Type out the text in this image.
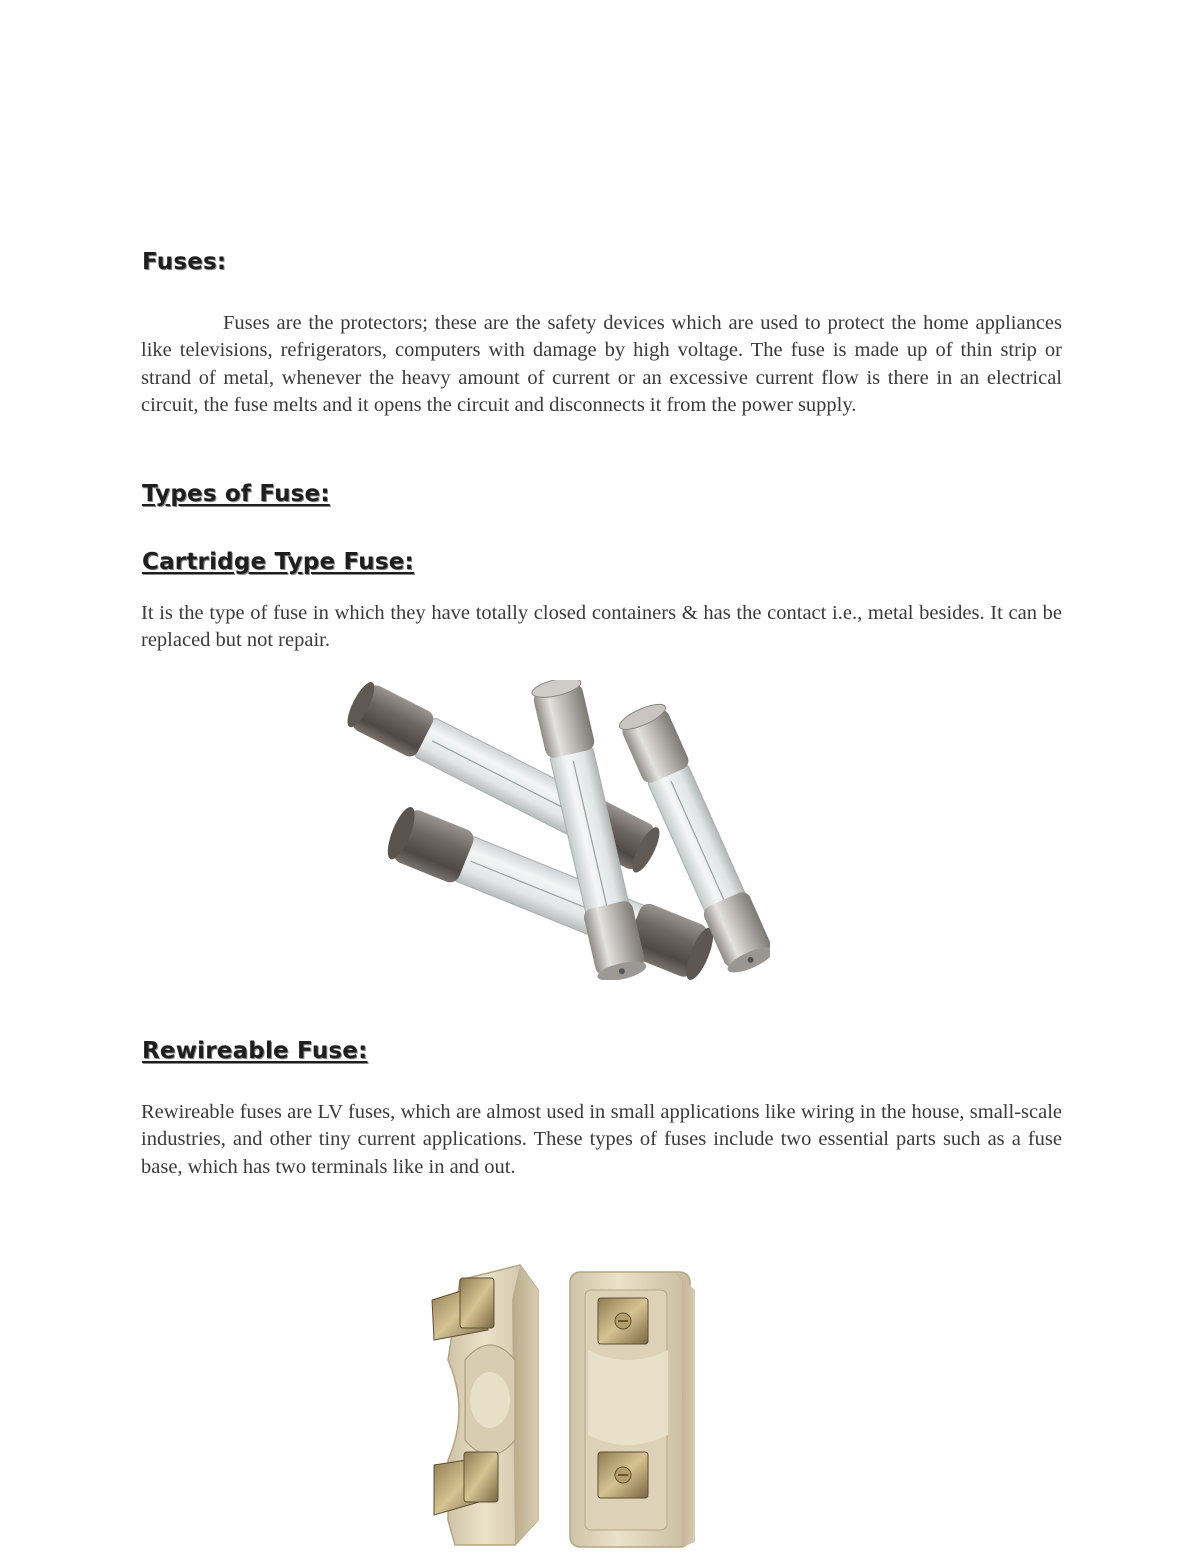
Fuses:

Fuses are the protectors; these are the safety devices which are used to protect the home appliances like televisions, refrigerators, computers with damage by high voltage. The fuse is made up of thin strip or strand of metal, whenever the heavy amount of current or an excessive current flow is there in an electrical circuit, the fuse melts and it opens the circuit and disconnects it from the power supply.

Types of Fuse:
Cartridge Type Fuse:

It is the type of fuse in which they have totally closed containers & has the contact i.e., metal besides. It can be replaced but not repair.

Rewireable Fuse:

Rewireable fuses are LV fuses, which are almost used in small applications like wiring in the house, small-scale industries, and other tiny current applications. These types of fuses include two essential parts such as a fuse base, which has two terminals like in and out.
